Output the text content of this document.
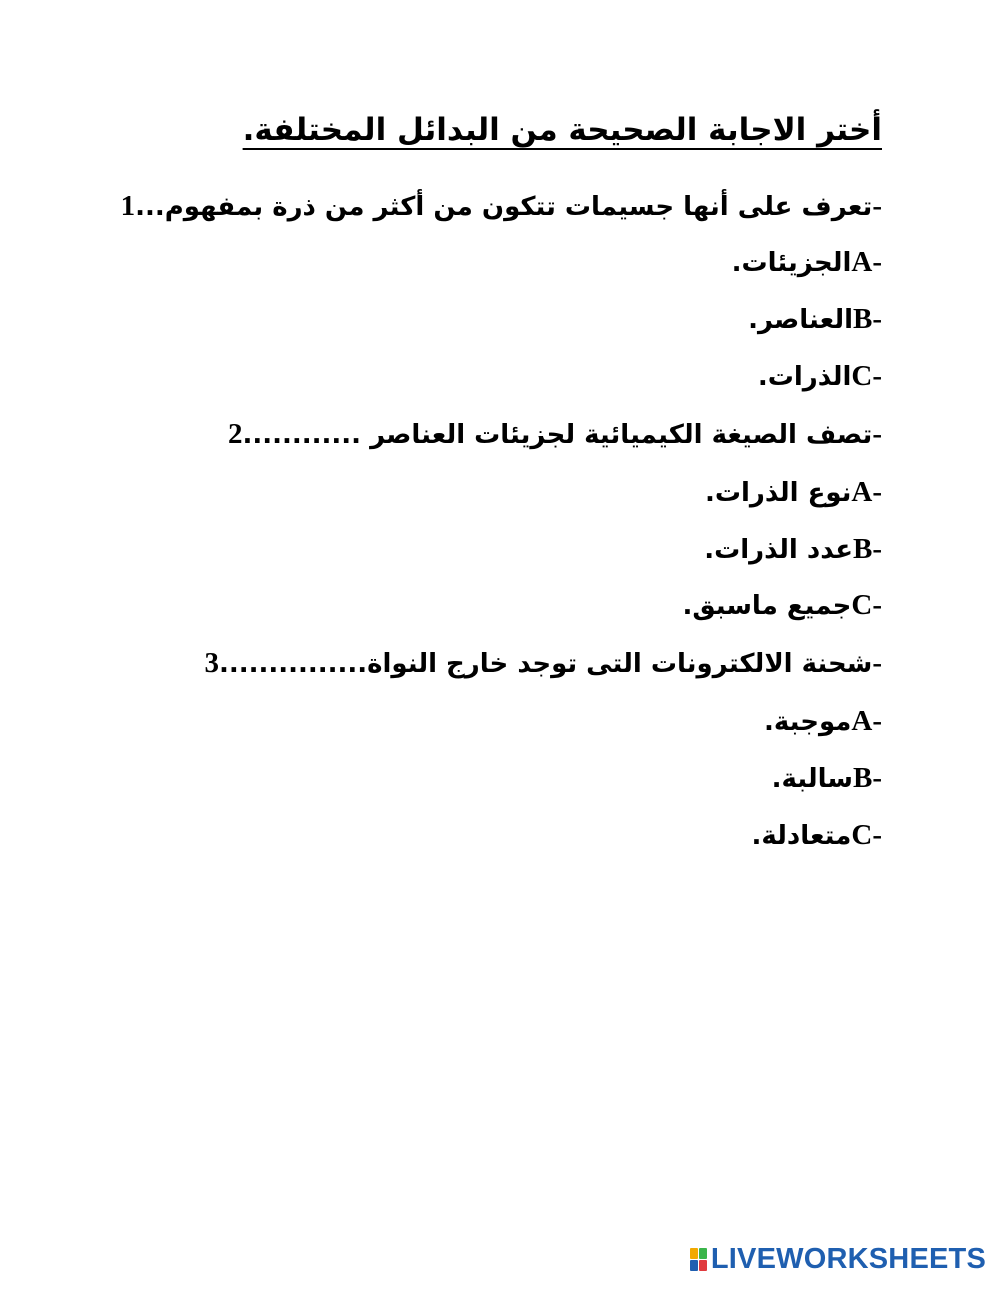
أختر الاجابة الصحيحة من البدائل المختلفة.
تعرف على أنها جسيمات تتكون من أكثر من ذرة بمفهوم...1-
الجزيئات.A-
العناصر.B-
الذرات.C-
تصف الصيغة الكيميائية لجزيئات العناصر ............2-
نوع الذرات.A-
عدد الذرات.B-
جميع ماسبق.C-
شحنة الالكترونات التى توجد خارج النواة...............3-
موجبة.A-
سالبة.B-
متعادلة.C-
LIVEWORKSHEETS
